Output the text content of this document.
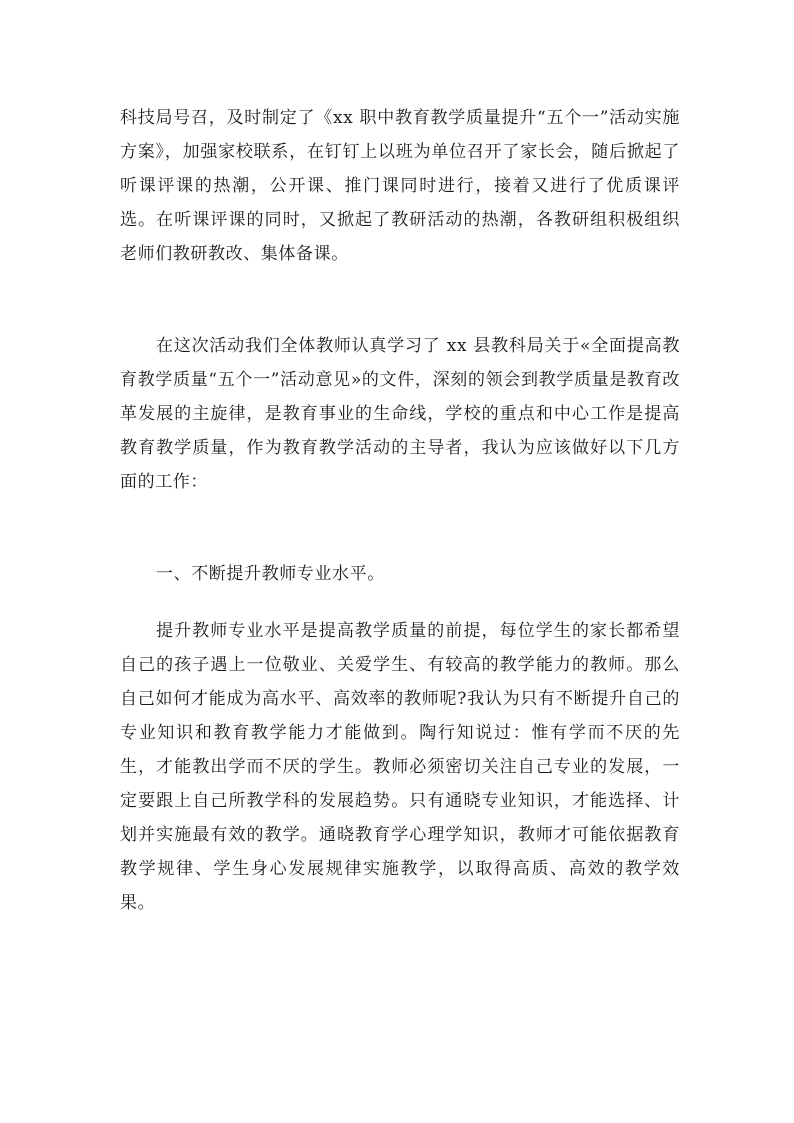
科技局号召，及时制定了《xx 职中教育教学质量提升“五个一”活动实施方案》，加强家校联系，在钉钉上以班为单位召开了家长会，随后掀起了听课评课的热潮，公开课、推门课同时进行，接着又进行了优质课评选。在听课评课的同时，又掀起了教研活动的热潮，各教研组积极组织老师们教研教改、集体备课。

在这次活动我们全体教师认真学习了 xx 县教科局关于«全面提高教育教学质量“五个一”活动意见»的文件，深刻的领会到教学质量是教育改革发展的主旋律，是教育事业的生命线，学校的重点和中心工作是提高教育教学质量，作为教育教学活动的主导者，我认为应该做好以下几方面的工作：

一、不断提升教师专业水平。

提升教师专业水平是提高教学质量的前提，每位学生的家长都希望自己的孩子遇上一位敬业、关爱学生、有较高的教学能力的教师。那么自己如何才能成为高水平、高效率的教师呢?我认为只有不断提升自己的专业知识和教育教学能力才能做到。陶行知说过：惟有学而不厌的先生，才能教出学而不厌的学生。教师必须密切关注自己专业的发展，一定要跟上自己所教学科的发展趋势。只有通晓专业知识，才能选择、计划并实施最有效的教学。通晓教育学心理学知识，教师才可能依据教育教学规律、学生身心发展规律实施教学，以取得高质、高效的教学效果。
